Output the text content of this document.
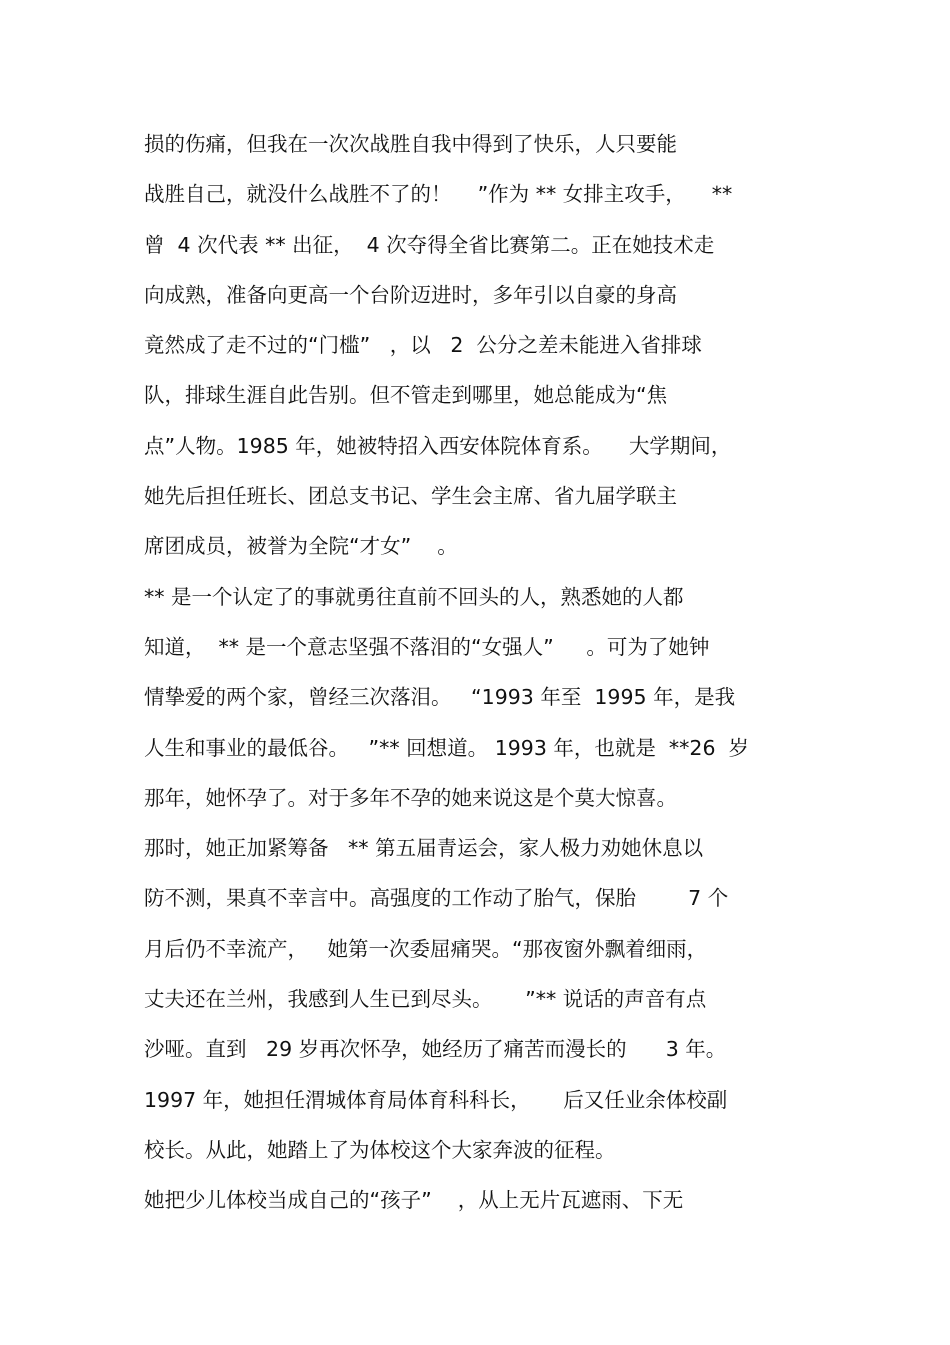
损的伤痛，但我在一次次战胜自我中得到了快乐，人只要能
战胜自己，就没什么战胜不了的！    ”作为 ** 女排主攻手，    **
曾  4 次代表 ** 出征，  4 次夺得全省比赛第二。正在她技术走
向成熟，准备向更高一个台阶迈进时，多年引以自豪的身高
竟然成了走不过的“门槛”   ，以   2  公分之差未能进入省排球
队，排球生涯自此告别。但不管走到哪里，她总能成为“焦
点”人物。1985 年，她被特招入西安体院体育系。    大学期间，
她先后担任班长、团总支书记、学生会主席、省九届学联主
席团成员，被誉为全院“才女”    。
** 是一个认定了的事就勇往直前不回头的人，熟悉她的人都
知道，  ** 是一个意志坚强不落泪的“女强人”     。可为了她钟
情挚爱的两个家，曾经三次落泪。   “1993 年至  1995 年，是我
人生和事业的最低谷。   ”** 回想道。 1993 年，也就是  **26  岁
那年，她怀孕了。对于多年不孕的她来说这是个莫大惊喜。
那时，她正加紧筹备   ** 第五届青运会，家人极力劝她休息以
防不测，果真不幸言中。高强度的工作动了胎气，保胎        7 个
月后仍不幸流产，   她第一次委屈痛哭。“那夜窗外飘着细雨，
丈夫还在兰州，我感到人生已到尽头。     ”** 说话的声音有点
沙哑。直到   29 岁再次怀孕，她经历了痛苦而漫长的      3 年。
1997 年，她担任渭城体育局体育科科长，     后又任业余体校副
校长。从此，她踏上了为体校这个大家奔波的征程。
她把少儿体校当成自己的“孩子”    ，从上无片瓦遮雨、下无
